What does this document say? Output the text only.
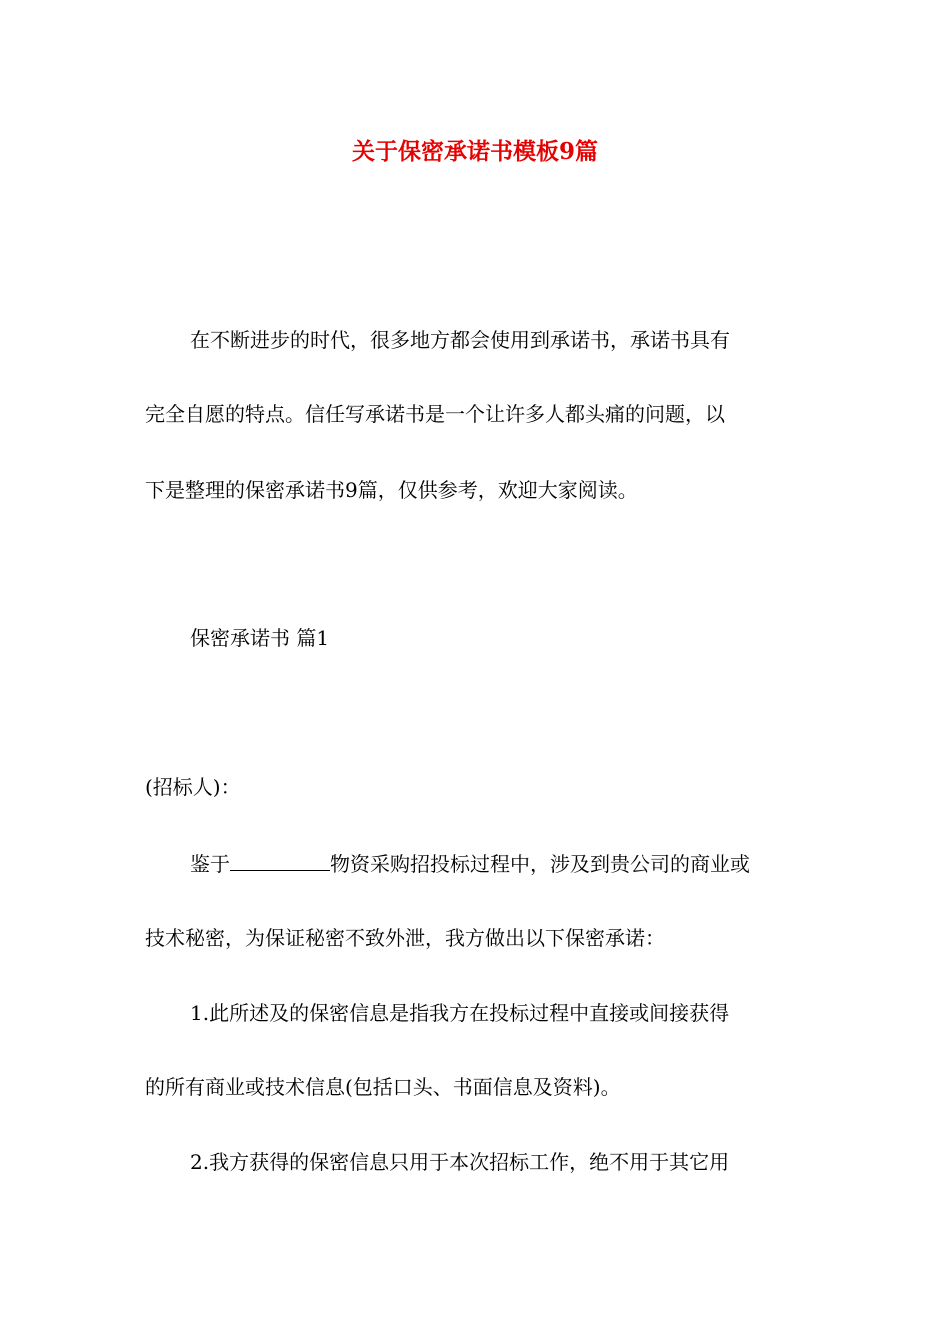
关于保密承诺书模板9篇
在不断进步的时代，很多地方都会使用到承诺书，承诺书具有
完全自愿的特点。信任写承诺书是一个让许多人都头痛的问题，以
下是整理的保密承诺书9篇，仅供参考，欢迎大家阅读。
保密承诺书 篇1
(招标人)：
鉴于	物资采购招投标过程中，涉及到贵公司的商业或
技术秘密，为保证秘密不致外泄，我方做出以下保密承诺：
1.此所述及的保密信息是指我方在投标过程中直接或间接获得
的所有商业或技术信息(包括口头、书面信息及资料)。
2.我方获得的保密信息只用于本次招标工作，绝不用于其它用
